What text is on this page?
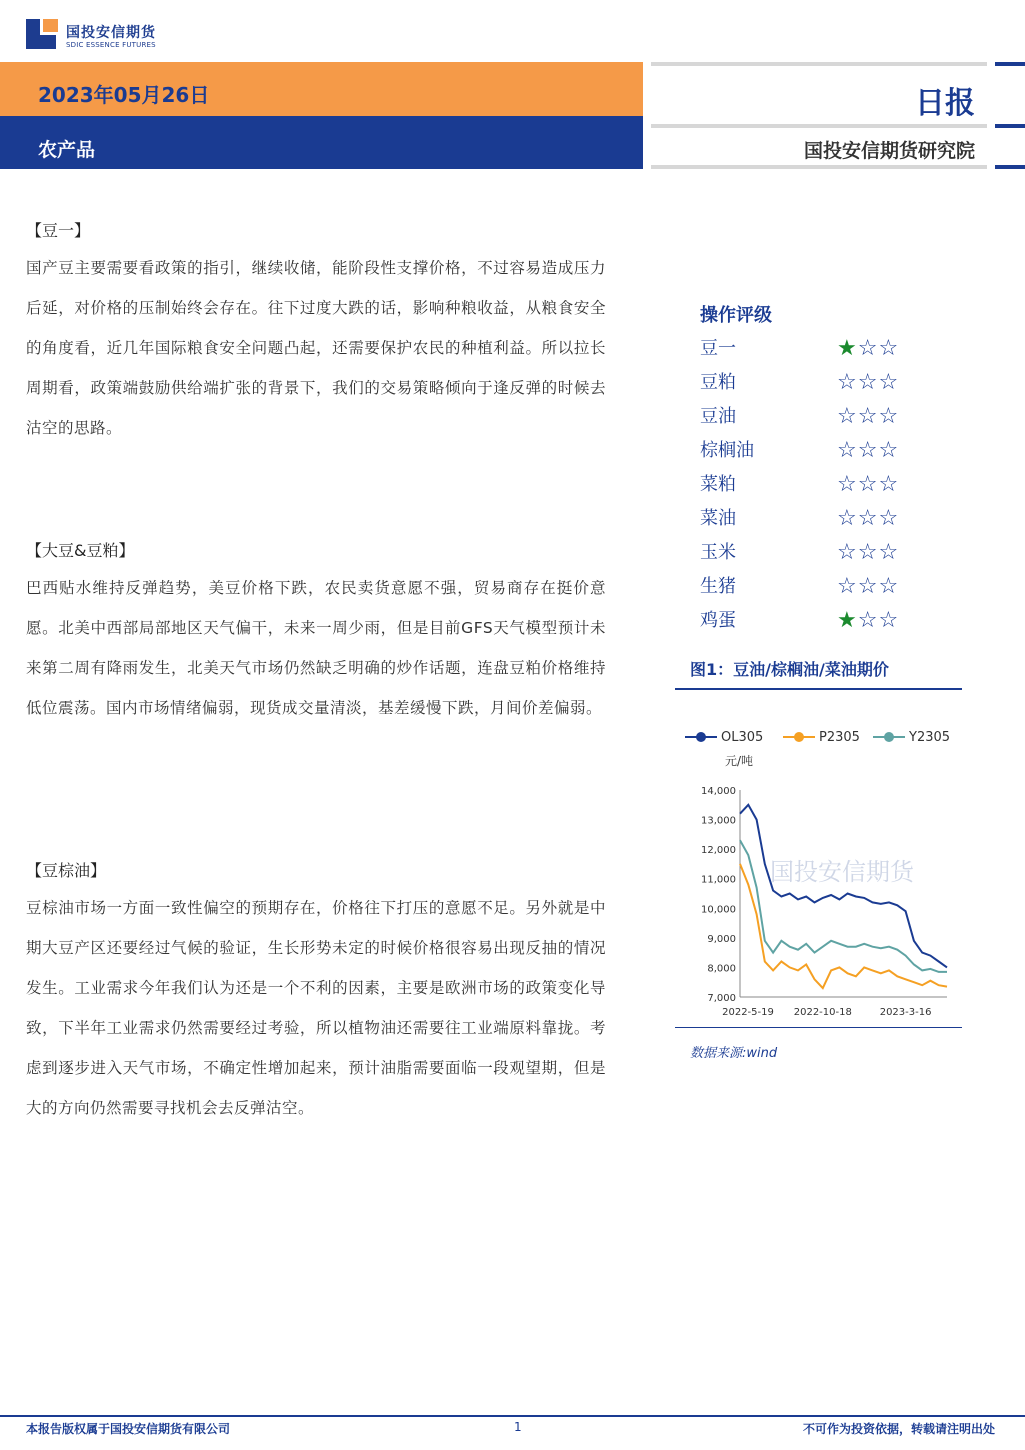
国投安信期货
SDIC ESSENCE FUTURES
2023年05月26日
农产品
日报
国投安信期货研究院
【豆一】
国产豆主要需要看政策的指引，继续收储，能阶段性支撑价格，不过容易造成压力后延，对价格的压制始终会存在。往下过度大跌的话，影响种粮收益，从粮食安全的角度看，近几年国际粮食安全问题凸起，还需要保护农民的种植利益。所以拉长周期看，政策端鼓励供给端扩张的背景下，我们的交易策略倾向于逢反弹的时候去沽空的思路。
【大豆&豆粕】
巴西贴水维持反弹趋势，美豆价格下跌，农民卖货意愿不强，贸易商存在挺价意愿。北美中西部局部地区天气偏干，未来一周少雨，但是目前GFS天气模型预计未来第二周有降雨发生，北美天气市场仍然缺乏明确的炒作话题，连盘豆粕价格维持低位震荡。国内市场情绪偏弱，现货成交量清淡，基差缓慢下跌，月间价差偏弱。
【豆棕油】
豆棕油市场一方面一致性偏空的预期存在，价格往下打压的意愿不足。另外就是中期大豆产区还要经过气候的验证，生长形势未定的时候价格很容易出现反抽的情况发生。工业需求今年我们认为还是一个不利的因素，主要是欧洲市场的政策变化导致，下半年工业需求仍然需要经过考验，所以植物油还需要往工业端原料靠拢。考虑到逐步进入天气市场，不确定性增加起来，预计油脂需要面临一段观望期，但是大的方向仍然需要寻找机会去反弹沽空。
操作评级
豆一	★☆☆
豆粕	☆☆☆
豆油	☆☆☆
棕榈油	☆☆☆
菜粕	☆☆☆
菜油	☆☆☆
玉米	☆☆☆
生猪	☆☆☆
鸡蛋	★☆☆
图1：豆油/棕榈油/菜油期价
国投安信期货
OL305	P2305	Y2305
元/吨
14,000
13,000
12,000
11,000
10,000
9,000
8,000
7,000
2022-5-19 2022-10-18	2023-3-16
数据来源:wind
本报告版权属于国投安信期货有限公司	1	不可作为投资依据，转载请注明出处
